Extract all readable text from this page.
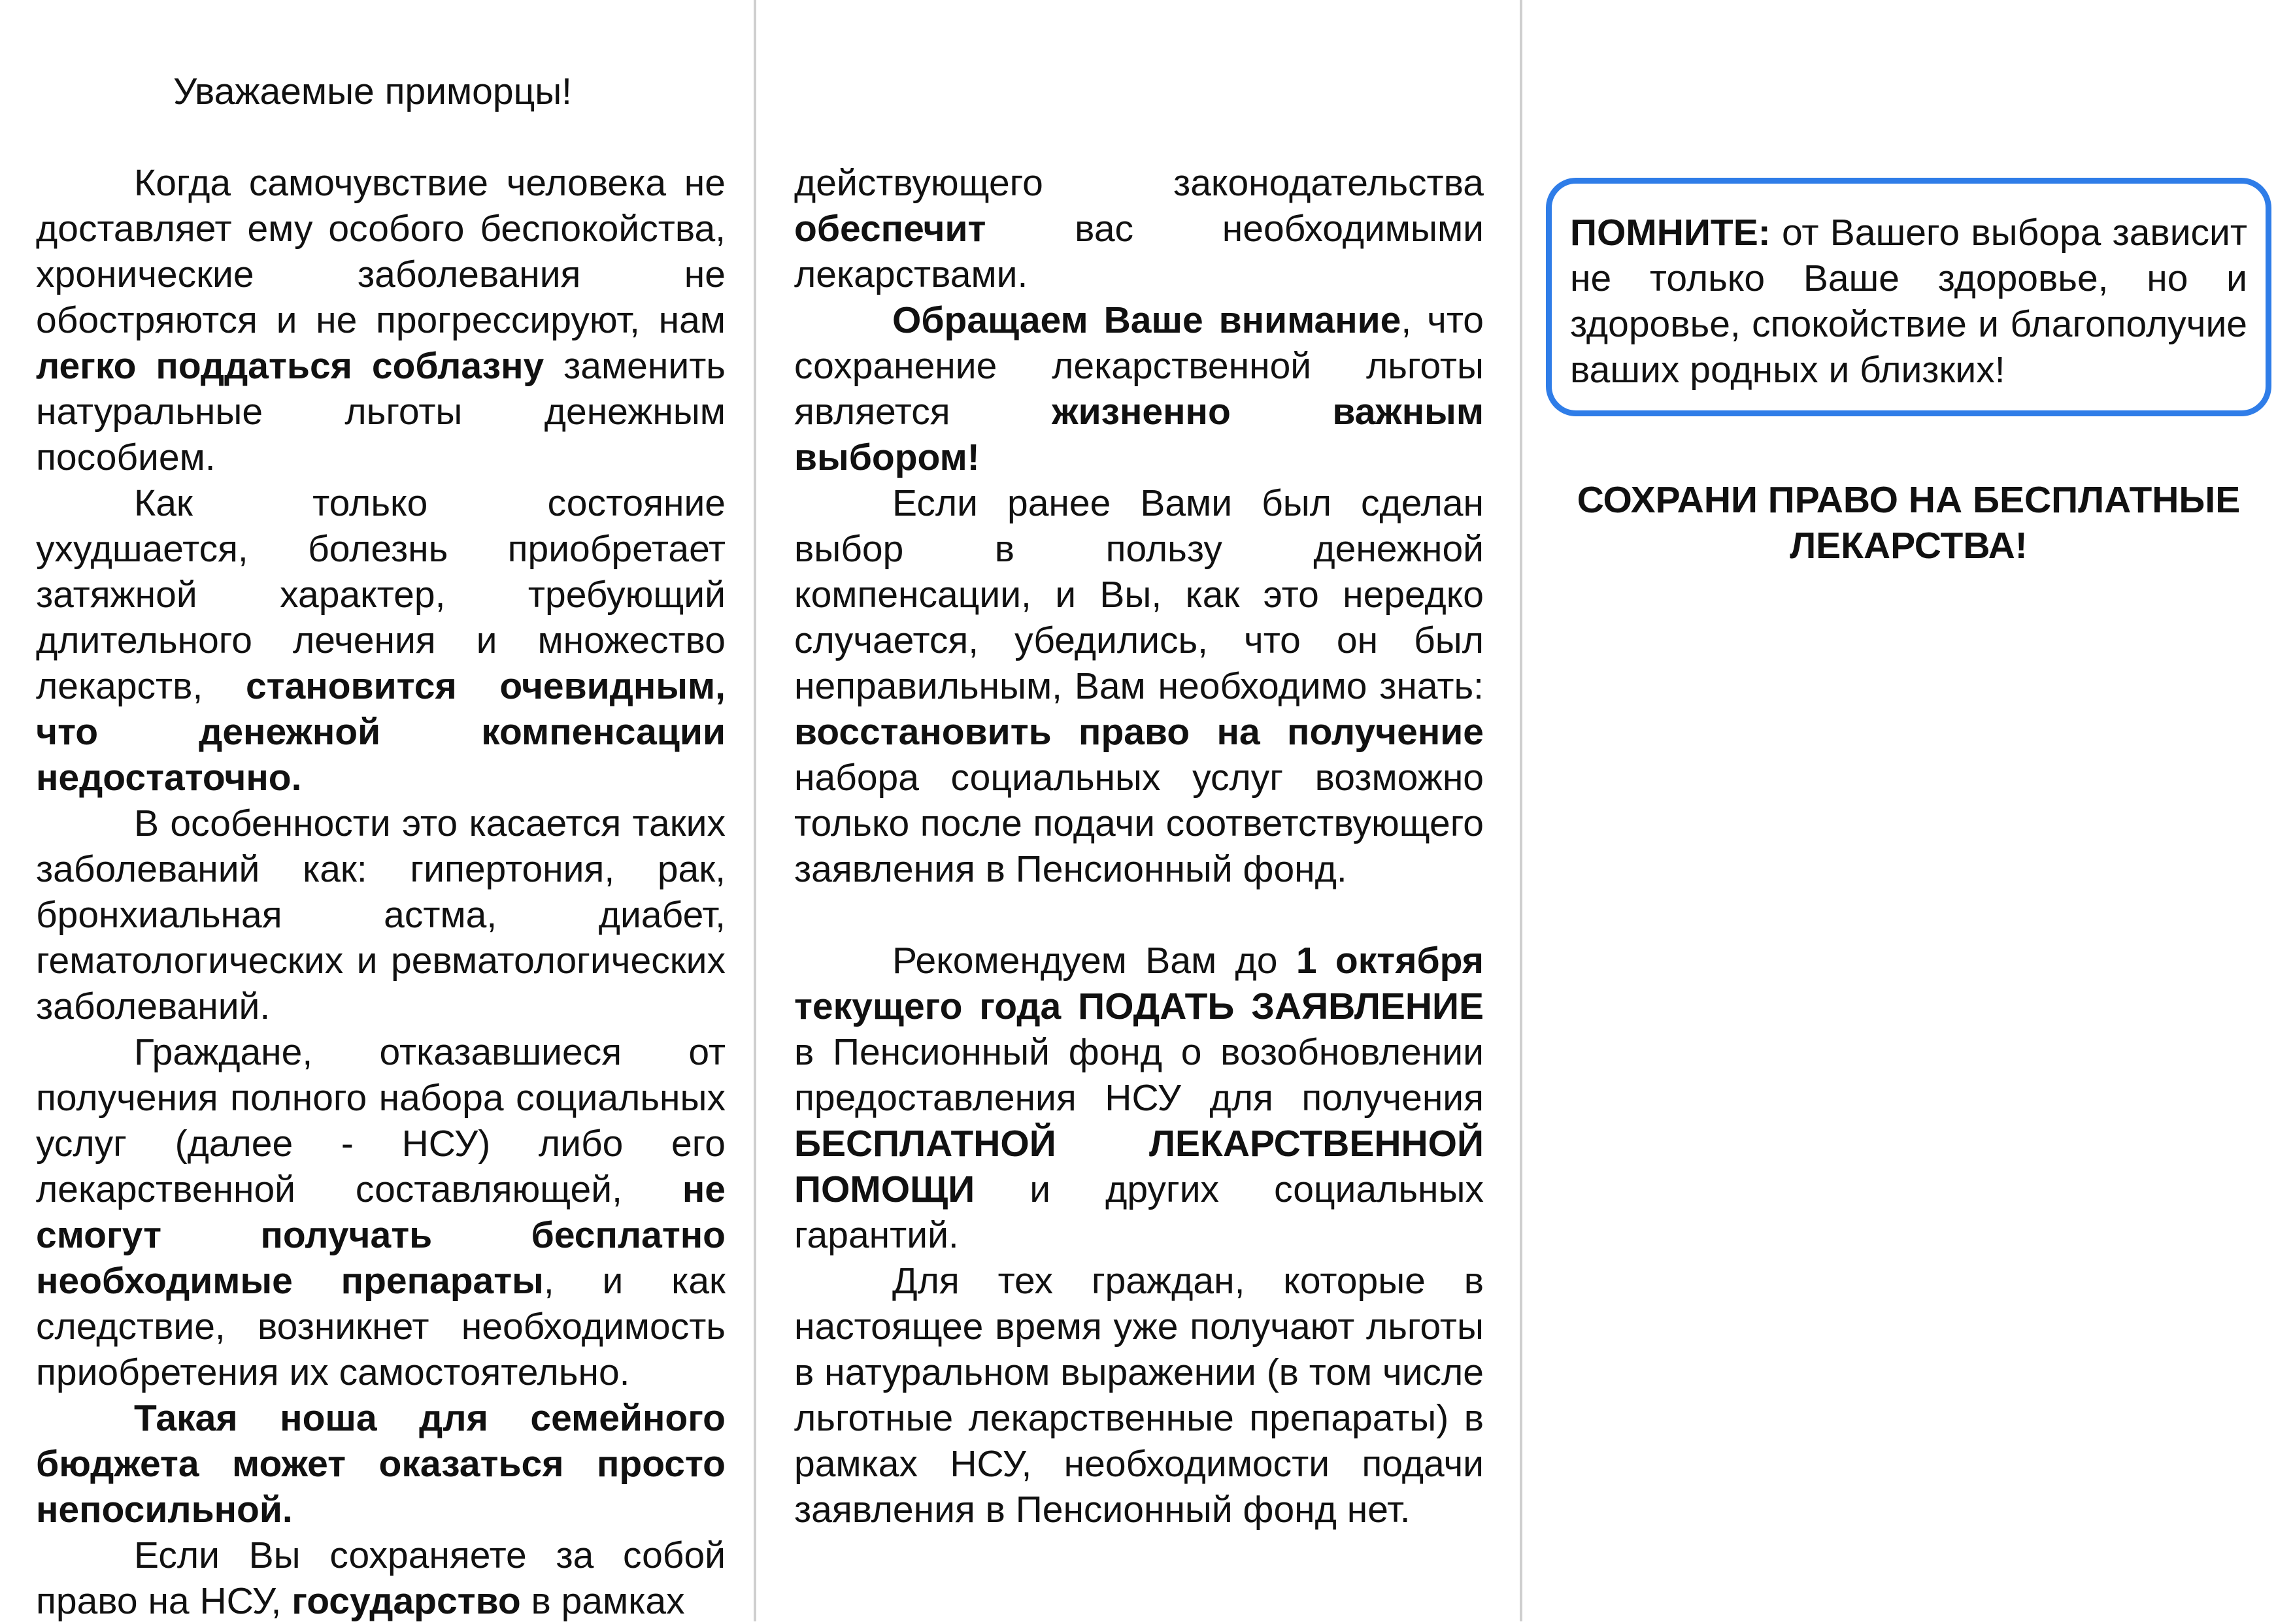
Уважаемые приморцы!

Когда самочувствие человека не доставляет ему особого беспокойства, хронические заболевания не обостряются и не прогрессируют, нам легко поддаться соблазну заменить натуральные льготы денежным пособием.

Как только состояние ухудшается, болезнь приобретает затяжной характер, требующий длительного лечения и множество лекарств, становится очевидным, что денежной компенсации недостаточно.

В особенности это касается таких заболеваний как: гипертония, рак, бронхиальная астма, диабет, гематологических и ревматологических заболеваний.

Граждане, отказавшиеся от получения полного набора социальных услуг (далее - НСУ) либо его лекарственной составляющей, не смогут получать бесплатно необходимые препараты, и как следствие, возникнет необходимость приобретения их самостоятельно.

Такая ноша для семейного бюджета может оказаться просто непосильной.

Если Вы сохраняете за собой право на НСУ, государство в рамках

действующего законодательства обеспечит вас необходимыми лекарствами.

Обращаем Ваше внимание, что сохранение лекарственной льготы является жизненно важным выбором!

Если ранее Вами был сделан выбор в пользу денежной компенсации, и Вы, как это нередко случается, убедились, что он был неправильным, Вам необходимо знать: восстановить право на получение набора социальных услуг возможно только после подачи соответствующего заявления в Пенсионный фонд.

Рекомендуем Вам до 1 октября текущего года ПОДАТЬ ЗАЯВЛЕНИЕ в Пенсионный фонд о возобновлении предоставления НСУ для получения БЕСПЛАТНОЙ ЛЕКАРСТВЕННОЙ ПОМОЩИ и других социальных гарантий.

Для тех граждан, которые в настоящее время уже получают льготы в натуральном выражении (в том числе льготные лекарственные препараты) в рамках НСУ, необходимости подачи заявления в Пенсионный фонд нет.

ПОМНИТЕ: от Вашего выбора зависит не только Ваше здоровье, но и здоровье, спокойствие и благополучие ваших родных и близких!
СОХРАНИ ПРАВО НА БЕСПЛАТНЫЕ
ЛЕКАРСТВА!
